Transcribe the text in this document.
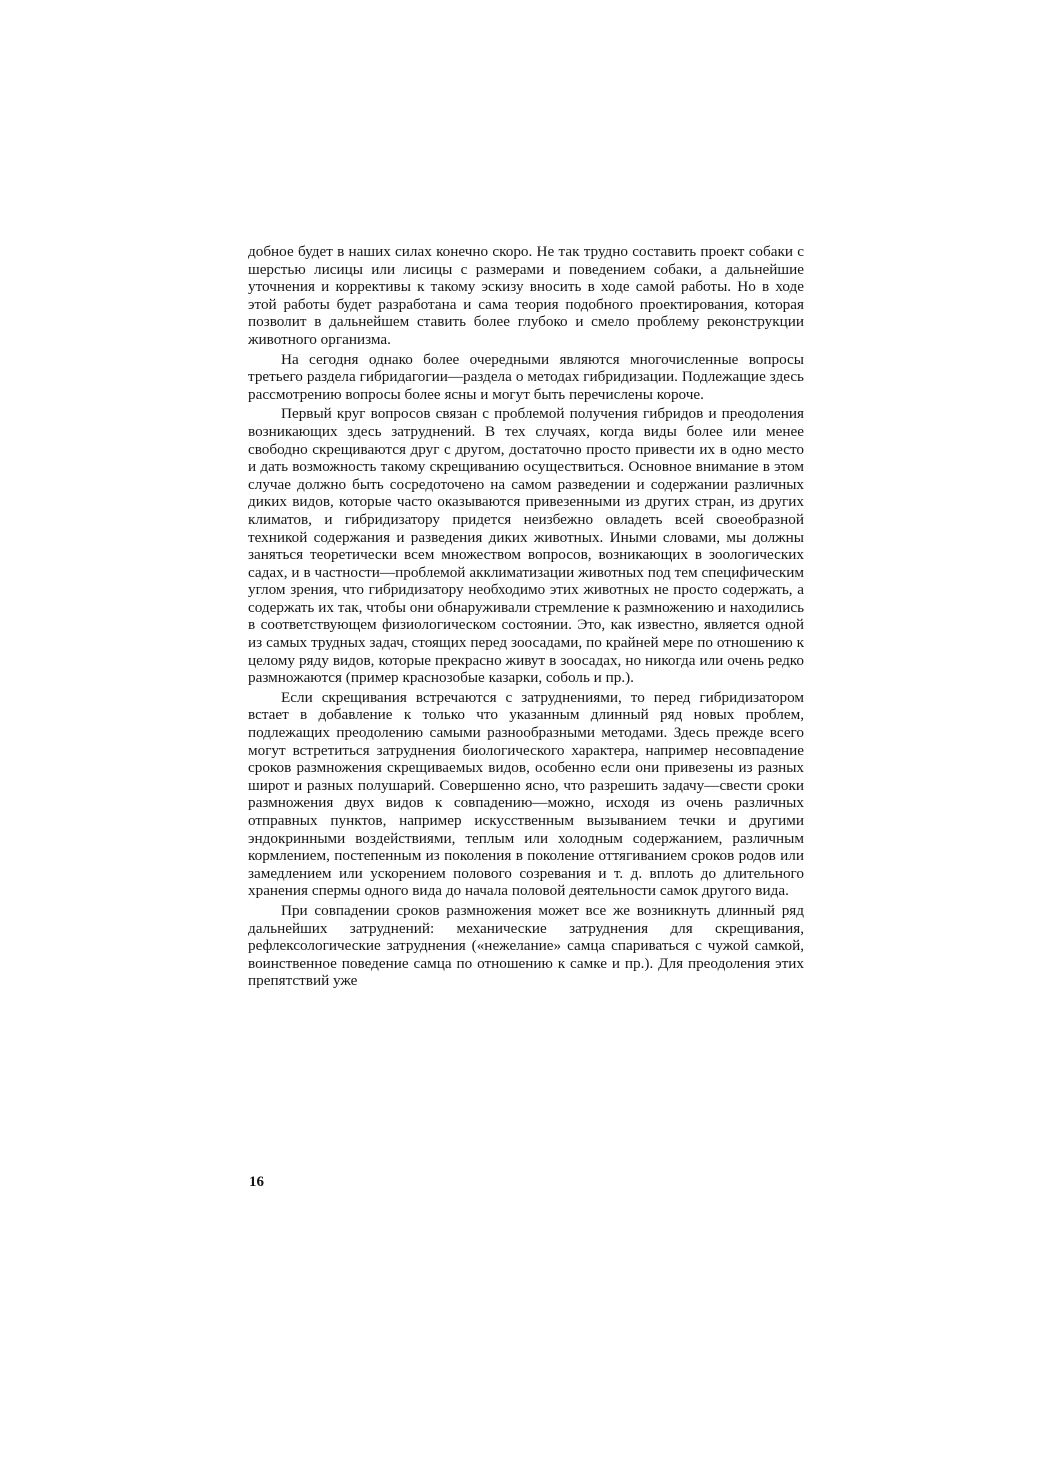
добное будет в наших силах конечно скоро. Не так трудно составить проект собаки с шерстью лисицы или лисицы с размерами и поведением собаки, а дальнейшие уточнения и коррективы к такому эскизу вносить в ходе самой работы. Но в ходе этой работы будет разработана и сама теория подобного проектирования, которая позволит в дальнейшем ставить более глубоко и смело проблему реконструкции животного организма.

На сегодня однако более очередными являются многочисленные вопросы третьего раздела гибридагогии—раздела о методах гибридизации. Подлежащие здесь рассмотрению вопросы более ясны и могут быть перечислены короче.

Первый круг вопросов связан с проблемой получения гибридов и преодоления возникающих здесь затруднений. В тех случаях, когда виды более или менее свободно скрещиваются друг с другом, достаточно просто привести их в одно место и дать возможность такому скрещиванию осуществиться. Основное внимание в этом случае должно быть сосредоточено на самом разведении и содержании различных диких видов, которые часто оказываются привезенными из других стран, из других климатов, и гибридизатору придется неизбежно овладеть всей своеобразной техникой содержания и разведения диких животных. Иными словами, мы должны заняться теоретически всем множеством вопросов, возникающих в зоологических садах, и в частности—проблемой акклиматизации животных под тем специфическим углом зрения, что гибридизатору необходимо этих животных не просто содержать, а содержать их так, чтобы они обнаруживали стремление к размножению и находились в соответствующем физиологическом состоянии. Это, как известно, является одной из самых трудных задач, стоящих перед зоосадами, по крайней мере по отношению к целому ряду видов, которые прекрасно живут в зоосадах, но никогда или очень редко размножаются (пример краснозобые казарки, соболь и пр.).

Если скрещивания встречаются с затруднениями, то перед гибридизатором встает в добавление к только что указанным длинный ряд новых проблем, подлежащих преодолению самыми разнообразными методами. Здесь прежде всего могут встретиться затруднения биологического характера, например несовпадение сроков размножения скрещиваемых видов, особенно если они привезены из разных широт и разных полушарий. Совершенно ясно, что разрешить задачу—свести сроки размножения двух видов к совпадению—можно, исходя из очень различных отправных пунктов, например искусственным вызыванием течки и другими эндокринными воздействиями, теплым или холодным содержанием, различным кормлением, постепенным из поколения в поколение оттягиванием сроков родов или замедлением или ускорением полового созревания и т. д. вплоть до длительного хранения спермы одного вида до начала половой деятельности самок другого вида.

При совпадении сроков размножения может все же возникнуть длинный ряд дальнейших затруднений: механические затруднения для скрещивания, рефлексологические затруднения («нежелание» самца спариваться с чужой самкой, воинственное поведение самца по отношению к самке и пр.). Для преодоления этих препятствий уже

16
